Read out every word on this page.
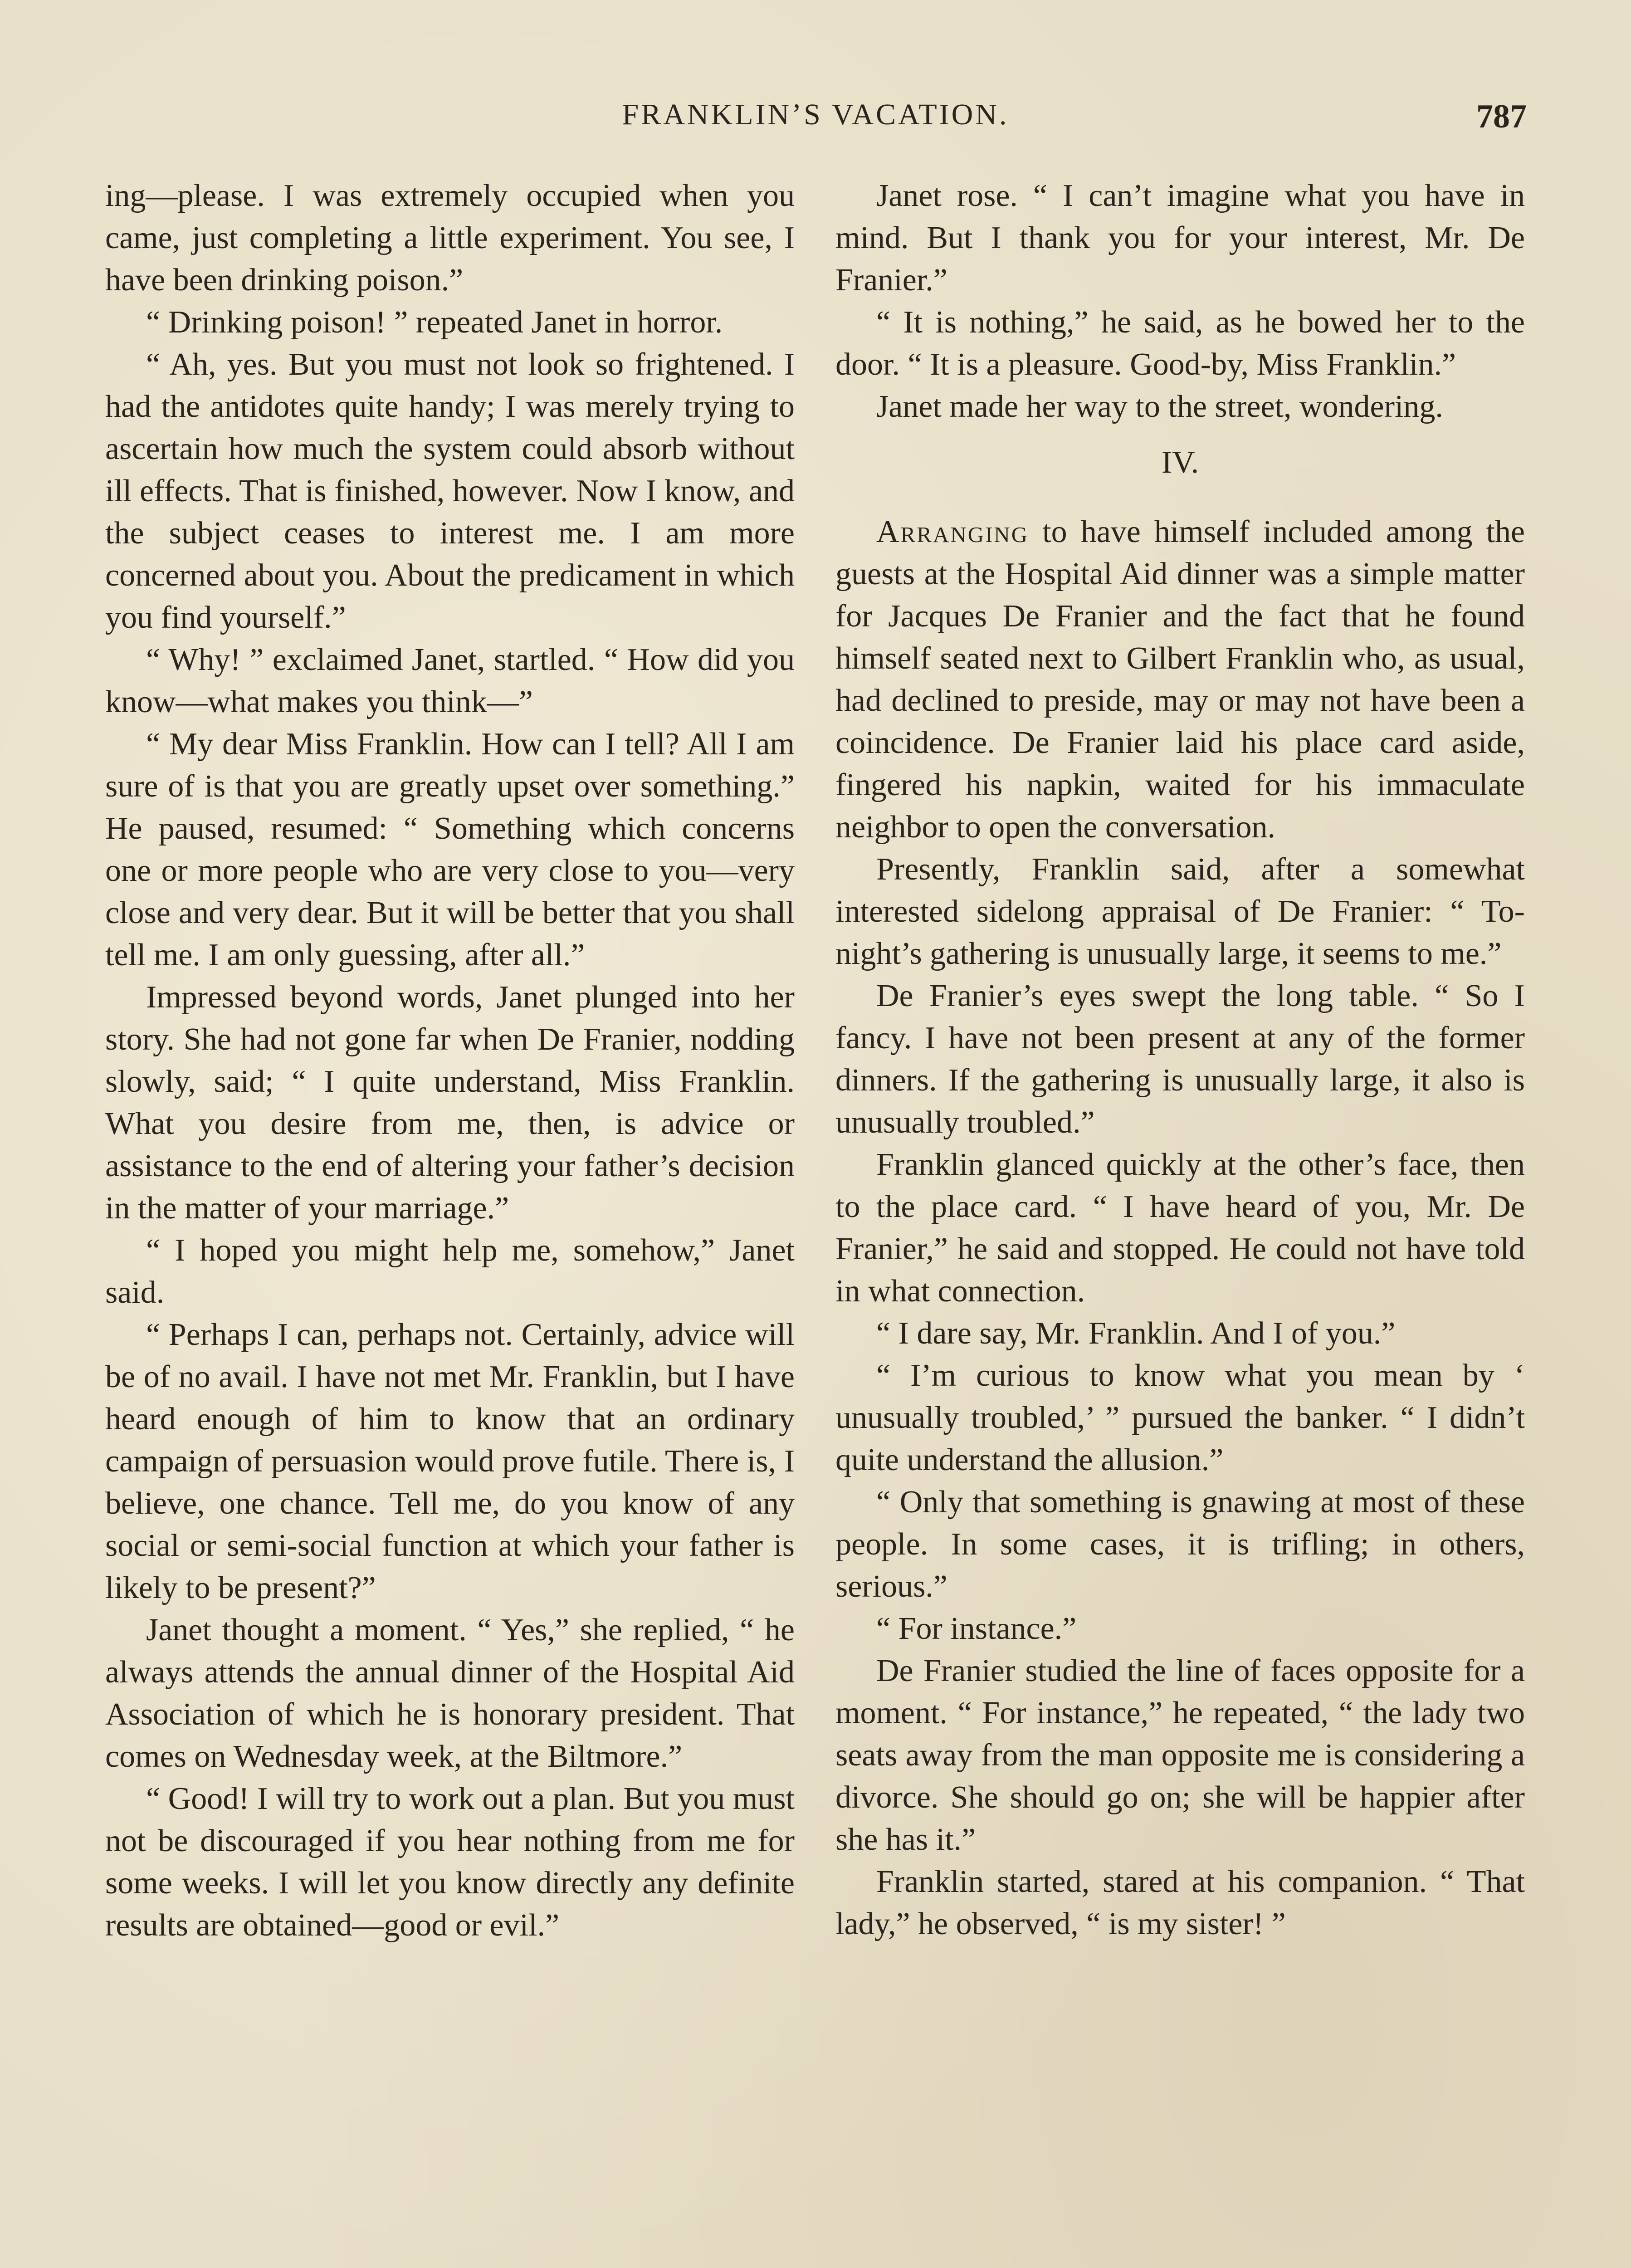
FRANKLIN’S VACATION.	787

ing—please. I was extremely occupied when you came, just completing a little experiment. You see, I have been drinking poison.”

“ Drinking poison! ” repeated Janet in horror.

“ Ah, yes. But you must not look so frightened. I had the antidotes quite handy; I was merely trying to ascertain how much the system could absorb without ill effects. That is finished, however. Now I know, and the subject ceases to interest me. I am more concerned about you. About the predicament in which you find yourself.”

“ Why! ” exclaimed Janet, startled. “ How did you know—what makes you think—”

“ My dear Miss Franklin. How can I tell? All I am sure of is that you are greatly upset over something.” He paused, resumed: “ Something which concerns one or more people who are very close to you—very close and very dear. But it will be better that you shall tell me. I am only guessing, after all.”

Impressed beyond words, Janet plunged into her story. She had not gone far when De Franier, nodding slowly, said; “ I quite understand, Miss Franklin. What you desire from me, then, is advice or assistance to the end of altering your father’s decision in the matter of your marriage.”

“ I hoped you might help me, somehow,” Janet said.

“ Perhaps I can, perhaps not. Certainly, advice will be of no avail. I have not met Mr. Franklin, but I have heard enough of him to know that an ordinary campaign of persuasion would prove futile. There is, I believe, one chance. Tell me, do you know of any social or semi-social function at which your father is likely to be present?”

Janet thought a moment. “ Yes,” she replied, “ he always attends the annual dinner of the Hospital Aid Association of which he is honorary president. That comes on Wednesday week, at the Biltmore.”

“ Good! I will try to work out a plan. But you must not be discouraged if you hear nothing from me for some weeks. I will let you know directly any definite results are obtained—good or evil.”

Janet rose. “ I can’t imagine what you have in mind. But I thank you for your interest, Mr. De Franier.”

“ It is nothing,” he said, as he bowed her to the door. “ It is a pleasure. Good-by, Miss Franklin.”

Janet made her way to the street, wondering.

IV.

Arranging to have himself included among the guests at the Hospital Aid dinner was a simple matter for Jacques De Franier and the fact that he found himself seated next to Gilbert Franklin who, as usual, had declined to preside, may or may not have been a coincidence. De Franier laid his place card aside, fingered his napkin, waited for his immaculate neighbor to open the conversation.

Presently, Franklin said, after a somewhat interested sidelong appraisal of De Franier: “ To-night’s gathering is unusually large, it seems to me.”

De Franier’s eyes swept the long table. “ So I fancy. I have not been present at any of the former dinners. If the gathering is unusually large, it also is unusually troubled.”

Franklin glanced quickly at the other’s face, then to the place card. “ I have heard of you, Mr. De Franier,” he said and stopped. He could not have told in what connection.

“ I dare say, Mr. Franklin. And I of you.”

“ I’m curious to know what you mean by ‘ unusually troubled,’ ” pursued the banker. “ I didn’t quite understand the allusion.”

“ Only that something is gnawing at most of these people. In some cases, it is trifling; in others, serious.”

“ For instance.”

De Franier studied the line of faces opposite for a moment. “ For instance,” he repeated, “ the lady two seats away from the man opposite me is considering a divorce. She should go on; she will be happier after she has it.”

Franklin started, stared at his companion. “ That lady,” he observed, “ is my sister! ”
